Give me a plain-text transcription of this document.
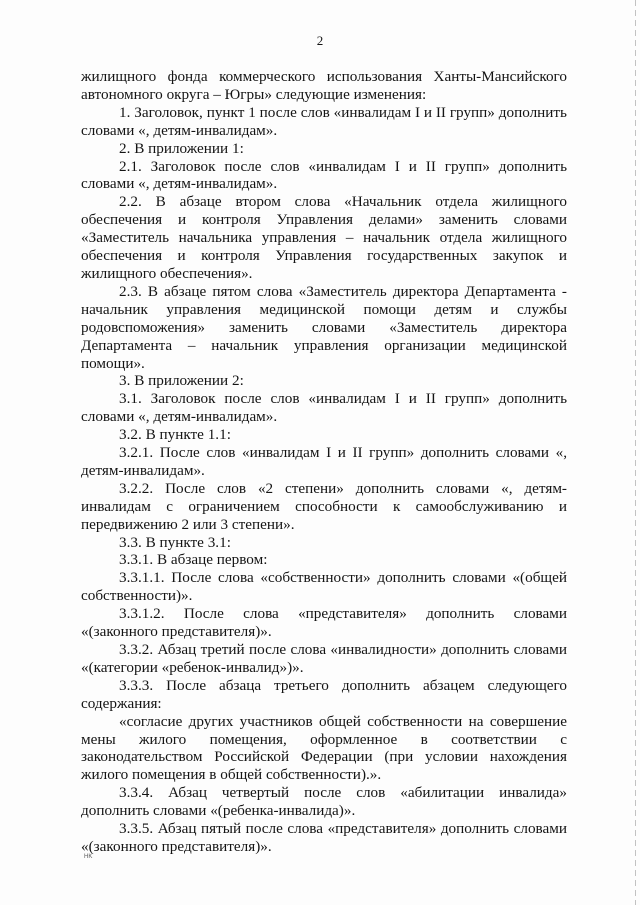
2

жилищного фонда коммерческого использования Ханты-Мансийского автономного округа – Югры» следующие изменения:

1. Заголовок, пункт 1 после слов «инвалидам I и II групп» дополнить словами «, детям-инвалидам».

2. В приложении 1:

2.1. Заголовок после слов «инвалидам I и II групп» дополнить словами «, детям-инвалидам».

2.2. В абзаце втором слова «Начальник отдела жилищного обеспечения и контроля Управления делами» заменить словами «Заместитель начальника управления – начальник отдела жилищного обеспечения и контроля Управления государственных закупок и жилищного обеспечения».

2.3. В абзаце пятом слова «Заместитель директора Департамента - начальник управления медицинской помощи детям и службы родовспоможения» заменить словами «Заместитель директора Департамента – начальник управления организации медицинской помощи».

3. В приложении 2:

3.1. Заголовок после слов «инвалидам I и II групп» дополнить словами «, детям-инвалидам».

3.2. В пункте 1.1:

3.2.1. После слов «инвалидам I и II групп» дополнить словами «, детям-инвалидам».

3.2.2. После слов «2 степени» дополнить словами «, детям-инвалидам с ограничением способности к самообслуживанию и передвижению 2 или 3 степени».

3.3. В пункте 3.1:

3.3.1. В абзаце первом:

3.3.1.1. После слова «собственности» дополнить словами «(общей собственности)».

3.3.1.2. После слова «представителя» дополнить словами «(законного представителя)».

3.3.2. Абзац третий после слова «инвалидности» дополнить словами «(категории «ребенок-инвалид»)».

3.3.3. После абзаца третьего дополнить абзацем следующего содержания:

«согласие других участников общей собственности на совершение мены жилого помещения, оформленное в соответствии с законодательством Российской Федерации (при условии нахождения жилого помещения в общей собственности).».

3.3.4. Абзац четвертый после слов «абилитации инвалида» дополнить словами «(ребенка-инвалида)».

3.3.5. Абзац пятый после слова «представителя» дополнить словами «(законного представителя)».

HK
